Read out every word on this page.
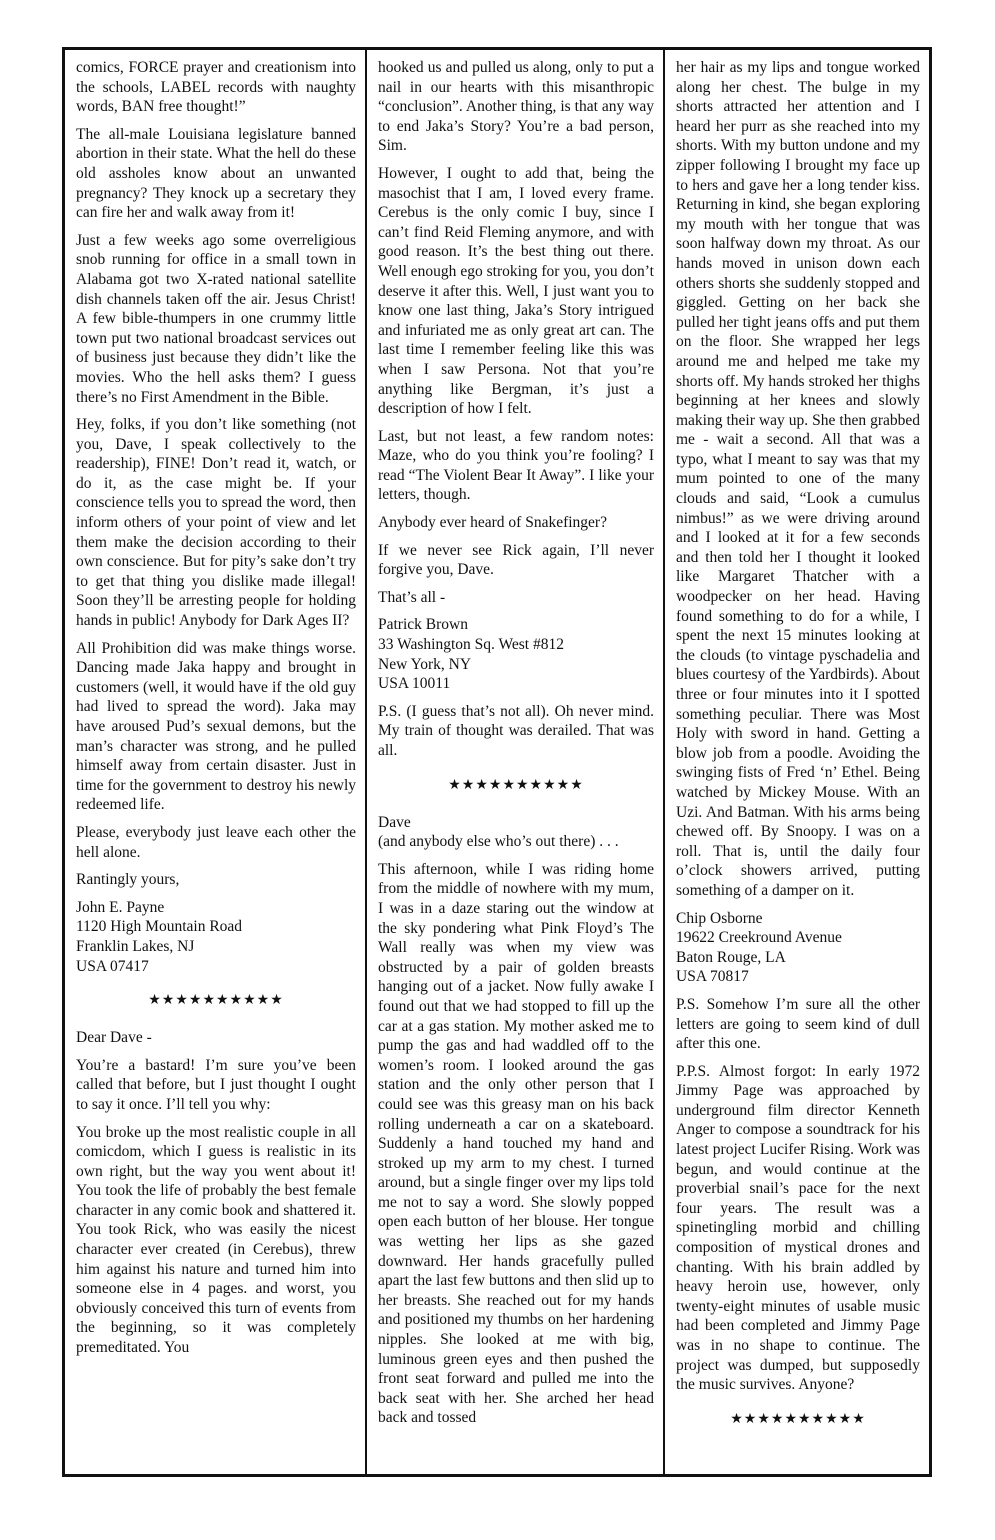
comics, FORCE prayer and creationism into the schools, LABEL records with naughty words, BAN free thought!”

The all-male Louisiana legislature banned abortion in their state. What the hell do these old assholes know about an unwanted pregnancy? They knock up a secretary they can fire her and walk away from it!

Just a few weeks ago some overreligious snob running for office in a small town in Alabama got two X-rated national satellite dish channels taken off the air. Jesus Christ! A few bible-thumpers in one crummy little town put two national broadcast services out of business just because they didn’t like the movies. Who the hell asks them? I guess there’s no First Amendment in the Bible.

Hey, folks, if you don’t like something (not you, Dave, I speak collectively to the readership), FINE! Don’t read it, watch, or do it, as the case might be. If your conscience tells you to spread the word, then inform others of your point of view and let them make the decision according to their own conscience. But for pity’s sake don’t try to get that thing you dislike made illegal! Soon they’ll be arresting people for holding hands in public! Anybody for Dark Ages II?

All Prohibition did was make things worse. Dancing made Jaka happy and brought in customers (well, it would have if the old guy had lived to spread the word). Jaka may have aroused Pud’s sexual demons, but the man’s character was strong, and he pulled himself away from certain disaster. Just in time for the government to destroy his newly redeemed life.

Please, everybody just leave each other the hell alone.

Rantingly yours,

John E. Payne
1120 High Mountain Road
Franklin Lakes, NJ
USA 07417
★★★★★★★★★★

Dear Dave -

You’re a bastard! I’m sure you’ve been called that before, but I just thought I ought to say it once. I’ll tell you why:

You broke up the most realistic couple in all comicdom, which I guess is realistic in its own right, but the way you went about it! You took the life of probably the best female character in any comic book and shattered it. You took Rick, who was easily the nicest character ever created (in Cerebus), threw him against his nature and turned him into someone else in 4 pages. and worst, you obviously conceived this turn of events from the beginning, so it was completely premeditated. You

hooked us and pulled us along, only to put a nail in our hearts with this misanthropic “conclusion”. Another thing, is that any way to end Jaka’s Story? You’re a bad person, Sim.

However, I ought to add that, being the masochist that I am, I loved every frame. Cerebus is the only comic I buy, since I can’t find Reid Fleming anymore, and with good reason. It’s the best thing out there. Well enough ego stroking for you, you don’t deserve it after this. Well, I just want you to know one last thing, Jaka’s Story intrigued and infuriated me as only great art can. The last time I remember feeling like this was when I saw Persona. Not that you’re anything like Bergman, it’s just a description of how I felt.

Last, but not least, a few random notes: Maze, who do you think you’re fooling? I read “The Violent Bear It Away”. I like your letters, though.

Anybody ever heard of Snakefinger?

If we never see Rick again, I’ll never forgive you, Dave.

That’s all -

Patrick Brown
33 Washington Sq. West #812
New York, NY
USA 10011

P.S. (I guess that’s not all). Oh never mind. My train of thought was derailed. That was all.

★★★★★★★★★★
Dave
(and anybody else who’s out there) . . .

This afternoon, while I was riding home from the middle of nowhere with my mum, I was in a daze staring out the window at the sky pondering what Pink Floyd’s The Wall really was when my view was obstructed by a pair of golden breasts hanging out of a jacket. Now fully awake I found out that we had stopped to fill up the car at a gas station. My mother asked me to pump the gas and had waddled off to the women’s room. I looked around the gas station and the only other person that I could see was this greasy man on his back rolling underneath a car on a skateboard. Suddenly a hand touched my hand and stroked up my arm to my chest. I turned around, but a single finger over my lips told me not to say a word. She slowly popped open each button of her blouse. Her tongue was wetting her lips as she gazed downward. Her hands gracefully pulled apart the last few buttons and then slid up to her breasts. She reached out for my hands and positioned my thumbs on her hardening nipples. She looked at me with big, luminous green eyes and then pushed the front seat forward and pulled me into the back seat with her. She arched her head back and tossed

her hair as my lips and tongue worked along her chest. The bulge in my shorts attracted her attention and I heard her purr as she reached into my shorts. With my button undone and my zipper following I brought my face up to hers and gave her a long tender kiss. Returning in kind, she began exploring my mouth with her tongue that was soon halfway down my throat. As our hands moved in unison down each others shorts she suddenly stopped and giggled. Getting on her back she pulled her tight jeans offs and put them on the floor. She wrapped her legs around me and helped me take my shorts off. My hands stroked her thighs beginning at her knees and slowly making their way up. She then grabbed me - wait a second. All that was a typo, what I meant to say was that my mum pointed to one of the many clouds and said, “Look a cumulus nimbus!” as we were driving around and I looked at it for a few seconds and then told her I thought it looked like Margaret Thatcher with a woodpecker on her head. Having found something to do for a while, I spent the next 15 minutes looking at the clouds (to vintage pyschadelia and blues courtesy of the Yardbirds). About three or four minutes into it I spotted something peculiar. There was Most Holy with sword in hand. Getting a blow job from a poodle. Avoiding the swinging fists of Fred ‘n’ Ethel. Being watched by Mickey Mouse. With an Uzi. And Batman. With his arms being chewed off. By Snoopy. I was on a roll. That is, until the daily four o’clock showers arrived, putting something of a damper on it.

Chip Osborne
19622 Creekround Avenue
Baton Rouge, LA
USA 70817

P.S. Somehow I’m sure all the other letters are going to seem kind of dull after this one.

P.P.S. Almost forgot: In early 1972 Jimmy Page was approached by underground film director Kenneth Anger to compose a soundtrack for his latest project Lucifer Rising. Work was begun, and would continue at the proverbial snail’s pace for the next four years. The result was a spinetingling morbid and chilling composition of mystical drones and chanting. With his brain addled by heavy heroin use, however, only twenty-eight minutes of usable music had been completed and Jimmy Page was in no shape to continue. The project was dumped, but supposedly the music survives. Anyone?

★★★★★★★★★★
